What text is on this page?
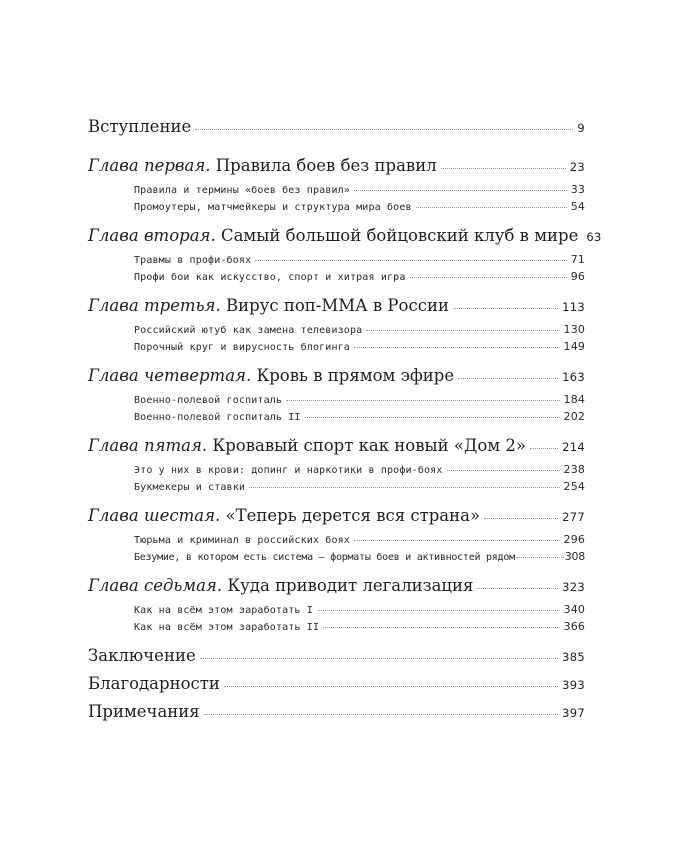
Вступление	9
Глава первая. Правила боев без правил	23
Правила и термины «боев без правил»	33
Промоутеры, матчмейкеры и структура мира боев	54
Глава вторая. Самый большой бойцовский клуб в мире 63
Травмы в профи-боях	71
Профи бои как искусство, спорт и хитрая игра	96
Глава третья. Вирус поп-ММА в России	113
Российский ютуб как замена телевизора	130
Порочный круг и вирусность блогинга	149
Глава четвертая. Кровь в прямом эфире	163
Военно-полевой госпиталь	184
Военно-полевой госпиталь II	202
Глава пятая. Кровавый спорт как новый «Дом 2»	214
Это у них в крови: допинг и наркотики в профи-боях	238
Букмекеры и ставки	254
Глава шестая. «Теперь дерется вся страна»	277
Тюрьма и криминал в российских боях	296
Безумие, в котором есть система — форматы боев и активностей рядом	308
Глава седьмая. Куда приводит легализация	323
Как на всём этом заработать I	340
Как на всём этом заработать II	366
Заключение	385
Благодарности	393
Примечания	397
